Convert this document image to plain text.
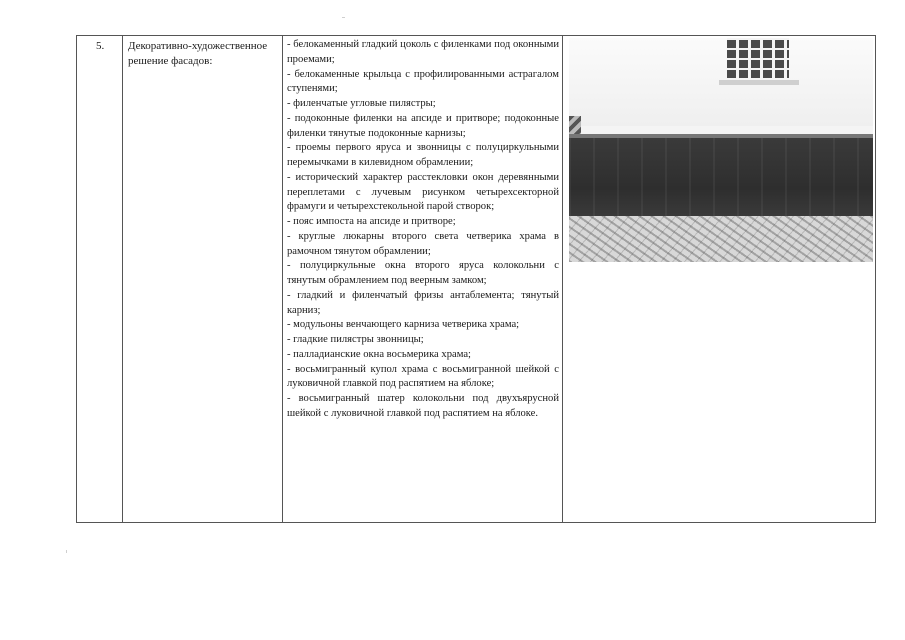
5. Декоративно-художественное решение фасадов:
- белокаменный гладкий цоколь с филенками под оконными проемами;
- белокаменные крыльца с профилированными астрагалом ступенями;
- филенчатые угловые пилястры;
- подоконные филенки на апсиде и притворе; подоконные филенки тянутые подоконные карнизы;
- проемы первого яруса и звонницы с полуциркульными перемычками в килевидном обрамлении;
- исторический характер расстекловки окон деревянными переплетами с лучевым рисунком четырехсекторной фрамуги и четырехстекольной парой створок;
- пояс импоста на апсиде и притворе;
- круглые люкарны второго света четверика храма в рамочном тянутом обрамлении;
- полуциркульные окна второго яруса колокольни с тянутым обрамлением под веерным замком;
- гладкий и филенчатый фризы антаблемента; тянутый карниз;
- модульоны венчающего карниза четверика храма;
- гладкие пилястры звонницы;
- палладианские окна восьмерика храма;
- восьмигранный купол храма с восьмигранной шейкой с луковичной главкой под распятием на яблоке;
- восьмигранный шатер колокольни под двухъярусной шейкой с луковичной главкой под распятием на яблоке.
